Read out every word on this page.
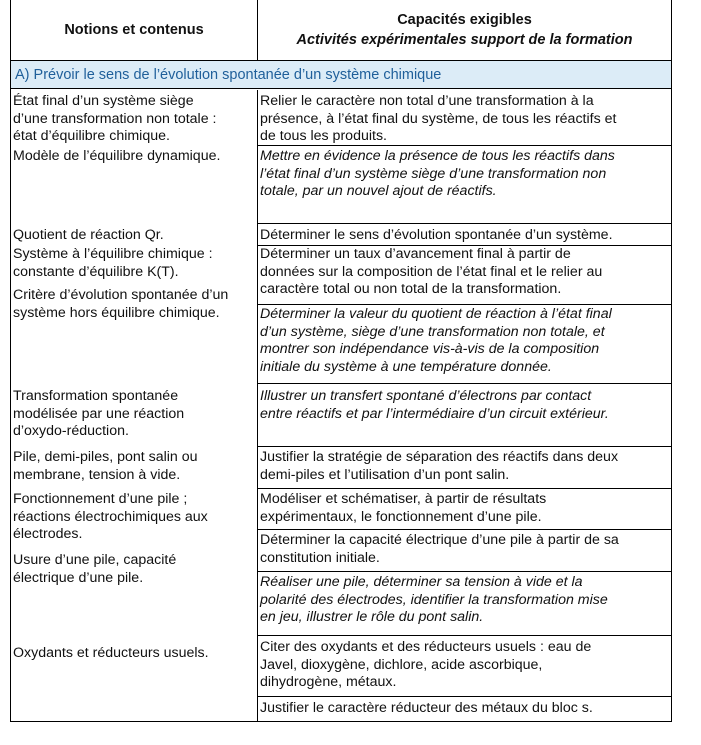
Notions et contenus
Capacités exigibles
Activités expérimentales support de la formation
A) Prévoir le sens de l’évolution spontanée d’un système chimique
État final d’un système siège
d’une transformation non totale :
état d’équilibre chimique.
Modèle de l’équilibre dynamique.
Quotient de réaction Qr.
Système à l’équilibre chimique :
constante d’équilibre K(T).
Critère d’évolution spontanée d’un
système hors équilibre chimique.
Transformation spontanée
modélisée par une réaction
d’oxydo-réduction.
Pile, demi-piles, pont salin ou
membrane, tension à vide.
Fonctionnement d’une pile ;
réactions électrochimiques aux
électrodes.
Usure d’une pile, capacité
électrique d’une pile.
Oxydants et réducteurs usuels.
Relier le caractère non total d’une transformation à la
présence, à l’état final du système, de tous les réactifs et
de tous les produits.
Mettre en évidence la présence de tous les réactifs dans
l’état final d’un système siège d’une transformation non
totale, par un nouvel ajout de réactifs.
Déterminer le sens d’évolution spontanée d’un système.
Déterminer un taux d’avancement final à partir de
données sur la composition de l’état final et le relier au
caractère total ou non total de la transformation.
Déterminer la valeur du quotient de réaction à l’état final
d’un système, siège d’une transformation non totale, et
montrer son indépendance vis-à-vis de la composition
initiale du système à une température donnée.
Illustrer un transfert spontané d’électrons par contact
entre réactifs et par l’intermédiaire d’un circuit extérieur.
Justifier la stratégie de séparation des réactifs dans deux
demi-piles et l’utilisation d’un pont salin.
Modéliser et schématiser, à partir de résultats
expérimentaux, le fonctionnement d’une pile.
Déterminer la capacité électrique d’une pile à partir de sa
constitution initiale.
Réaliser une pile, déterminer sa tension à vide et la
polarité des électrodes, identifier la transformation mise
en jeu, illustrer le rôle du pont salin.
Citer des oxydants et des réducteurs usuels : eau de
Javel, dioxygène, dichlore, acide ascorbique,
dihydrogène, métaux.
Justifier le caractère réducteur des métaux du bloc s.
